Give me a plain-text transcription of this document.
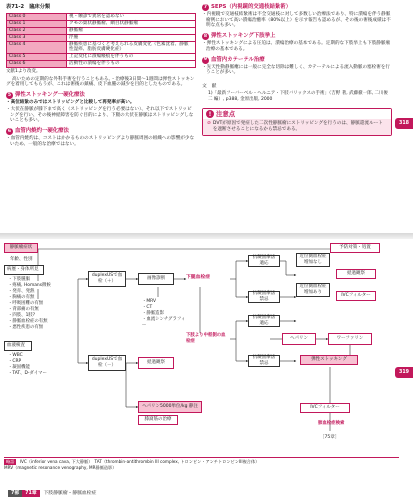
表71-2　臨床分類
Class 0	視・触診で異常を認めない
Class 1	クモの巣状静脈瘤、網目状静脈瘤
Class 2	静脈瘤
Class 3	浮腫
Class 4	静脈疾患に基づくと考えられる皮膚変化（色素沈着、静脈性湿疹、脂肪皮膚硬化症）
Class 5	上記変化に潰瘍瘢痕を伴うもの
Class 6	活動性の潰瘍を伴うもの
文献1より改変。
高いための定期的な外科手術を行うこともある。・治療後3日間〜1週間は弾性ストッキングを着用してもらうが、これは術後の鎮痛、皮下血腫の減少を目的としたものである。
5 弾性ストッキング一硬化療法
・高位結紮のみではストリッピングと比較して再発率が高い。
・大伏在静脈が膝下まで高く（ストリッピングを行う必要はない）、それ以下でストリッピングを行い、その後神経障害を防ぐ目的により、下腿の大伏在静脈はストリッピングしないことも多い。
6 血管内焼灼一硬化療法
・血管内焼灼は、コストはかかるもののストリッピングより静脈周囲の組織への影響が少ないため、一般的な治療ではない。
7 SEPS（内視鏡的交通枝結紮術）
・内視鏡で交通枝結紮術は不全交通枝に対して多数しい治療法であり、特に潰瘍を伴う静脈瘤例において高い潰瘍治癒率（80%以上）を示す報告も認めるが、その後の術後成績は不明な点も多い。
8 弾性ストッキング下肢挙上
・弾性ストッキングによる圧迫は、潰瘍治療の基本である。定期的な下肢挙上も下肢静脈瘤治療の基本である。
9 血管内カテーテル治療
・先天性動静脈瘻には一般に完全な切除は難しく、カテーテルによる流入動脈の塞栓術を行うことが多い。
文　献
1)「最新フーバーベル・ヘルニア・下肢バリックスの手術」（吉野 著, 武藤徹一郎, 二川俊二 編）, p388, 金原出版, 2000
! 注意点
⊘ DVTが原因で発症した二次性静脈瘤にストリッピングを行うのは、静脈還流ルートを遮断させることになるから禁忌である。
318
静脈瘤症状	予防対策・処置
年齢、性別
病歴・身体所見
・下肢腫脹
・疼痛, Homans徴候
・発赤、発熱
・胸痛の有無
・呼吸困難の有無
・背部痛の有無
・四肢、1肢?
・静脈血栓症の有無
・悪性疾患の有無
血液検査
・WBC
・CRP
・凝固機能
・TAT、D-ダイマー
duplexUSで血栓（＋）
duplexUSで血栓（－）
画像診断
・MRV
・CT
・静脈造影
・血流シンチグラフィー
経過観察
ヘパリン5000単位/kg 静注
膝窩筋の治療
下腿血栓症
下肢より中枢側の血栓症
抗凝固療法適応
抗凝固療法禁忌
抗凝固療法適応
抗凝固療法禁忌
近位側血栓症増加なし
経過観察
近位側血栓症増加あり
IVCフィルター
ヘパリン	ワーファリン
弾性ストッキング
IVCフィルター
肺血栓症検索
［75章］
319
略語 IVC（inferior vena cava, 下大静脈）　TAT（thrombin-antithrombin III complex, トロンビン・アンチトロンビンIII複合体）
MRV（magnetic resonance venography, MR静脈造影）
7部	71章	下肢静脈瘤・静脈血栓症
